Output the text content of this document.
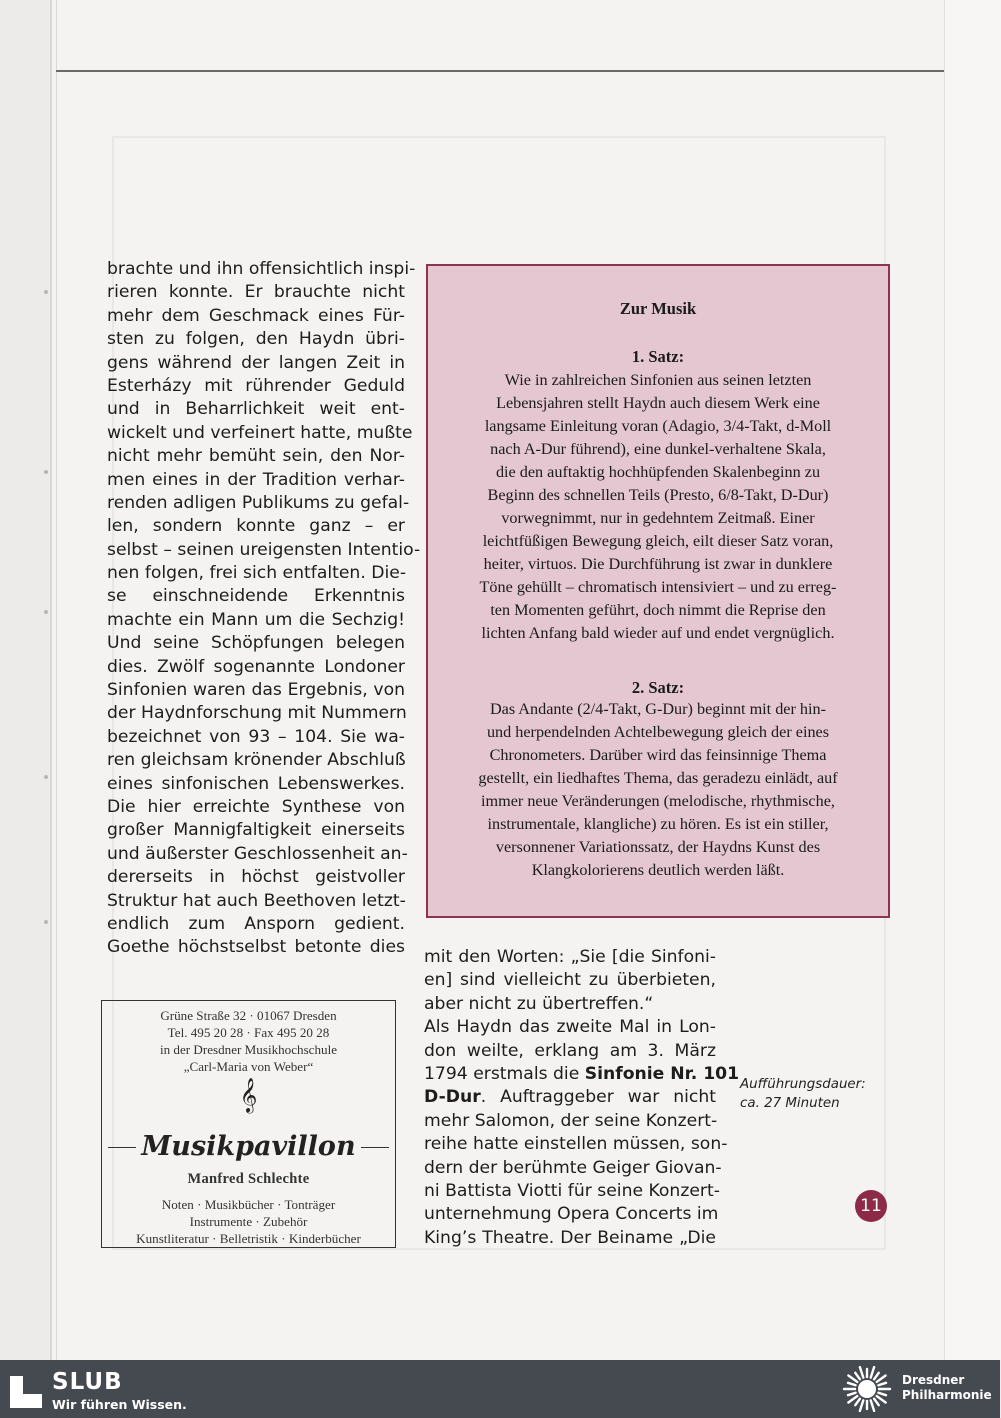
brachte und ihn offensichtlich inspi-
rieren konnte. Er brauchte nicht
mehr dem Geschmack eines Für-
sten zu folgen, den Haydn übri-
gens während der langen Zeit in
Esterházy mit rührender Geduld
und in Beharrlichkeit weit ent-
wickelt und verfeinert hatte, mußte
nicht mehr bemüht sein, den Nor-
men eines in der Tradition verhar-
renden adligen Publikums zu gefal-
len, sondern konnte ganz – er
selbst – seinen ureigensten Intentio-
nen folgen, frei sich entfalten. Die-
se einschneidende Erkenntnis
machte ein Mann um die Sechzig!
Und seine Schöpfungen belegen
dies. Zwölf sogenannte Londoner
Sinfonien waren das Ergebnis, von
der Haydnforschung mit Nummern
bezeichnet von 93 – 104. Sie wa-
ren gleichsam krönender Abschluß
eines sinfonischen Lebenswerkes.
Die hier erreichte Synthese von
großer Mannigfaltigkeit einerseits
und äußerster Geschlossenheit an-
dererseits in höchst geistvoller
Struktur hat auch Beethoven letzt-
endlich zum Ansporn gedient.
Goethe höchstselbst betonte dies
Zur Musik
1. Satz:
Wie in zahlreichen Sinfonien aus seinen letzten
Lebensjahren stellt Haydn auch diesem Werk eine
langsame Einleitung voran (Adagio, 3/4-Takt, d-Moll
nach A-Dur führend), eine dunkel-verhaltene Skala,
die den auftaktig hochhüpfenden Skalenbeginn zu
Beginn des schnellen Teils (Presto, 6/8-Takt, D-Dur)
vorwegnimmt, nur in gedehntem Zeitmaß. Einer
leichtfüßigen Bewegung gleich, eilt dieser Satz voran,
heiter, virtuos. Die Durchführung ist zwar in dunklere
Töne gehüllt – chromatisch intensiviert – und zu erreg-
ten Momenten geführt, doch nimmt die Reprise den
lichten Anfang bald wieder auf und endet vergnüglich.
2. Satz:
Das Andante (2/4-Takt, G-Dur) beginnt mit der hin-
und herpendelnden Achtelbewegung gleich der eines
Chronometers. Darüber wird das feinsinnige Thema
gestellt, ein liedhaftes Thema, das geradezu einlädt, auf
immer neue Veränderungen (melodische, rhythmische,
instrumentale, klangliche) zu hören. Es ist ein stiller,
versonnener Variationssatz, der Haydns Kunst des
Klangkolorierens deutlich werden läßt.
mit den Worten: „Sie [die Sinfoni-
en] sind vielleicht zu überbieten,
aber nicht zu übertreffen.“
Als Haydn das zweite Mal in Lon-
don weilte, erklang am 3. März
1794 erstmals die Sinfonie Nr. 101
D-Dur. Auftraggeber war nicht
mehr Salomon, der seine Konzert-
reihe hatte einstellen müssen, son-
dern der berühmte Geiger Giovan-
ni Battista Viotti für seine Konzert-
unternehmung Opera Concerts im
King’s Theatre. Der Beiname „Die
Aufführungsdauer:
ca. 27 Minuten
11
Grüne Straße 32 · 01067 Dresden
Tel. 495 20 28 · Fax 495 20 28
in der Dresdner Musikhochschule
„Carl-Maria von Weber“
𝄞
Musikpavillon
Manfred Schlechte
Noten · Musikbücher · Tonträger
Instrumente · Zubehör
Kunstliteratur · Belletristik · Kinderbücher
SLUB
Wir führen Wissen.
Dresdner
Philharmonie
